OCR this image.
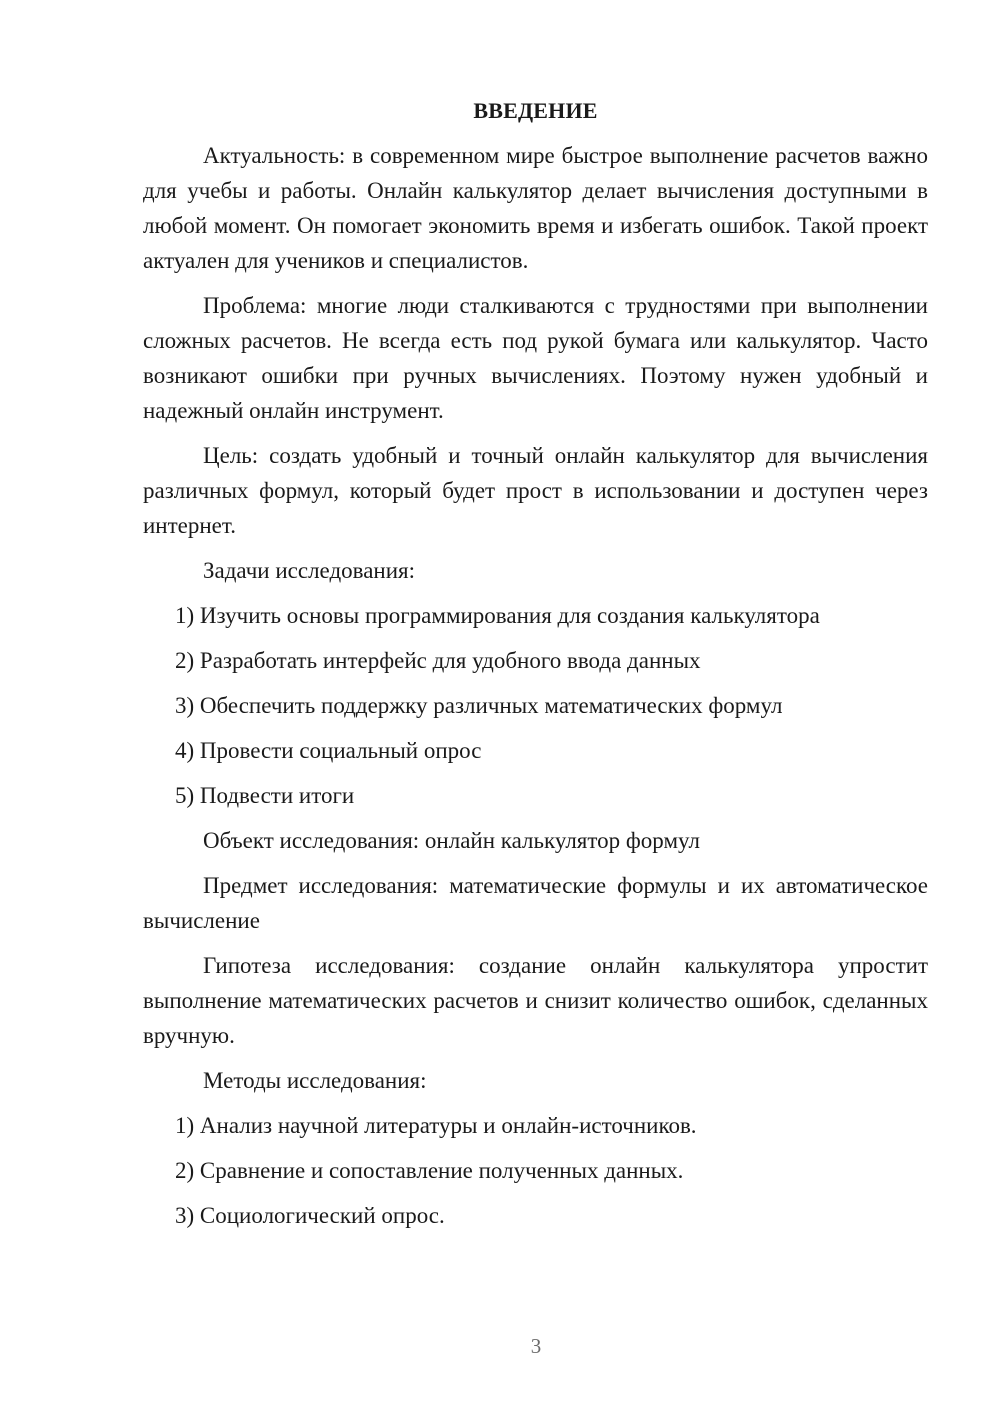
ВВЕДЕНИЕ

Актуальность: в современном мире быстрое выполнение расчетов важно для учебы и работы. Онлайн калькулятор делает вычисления доступными в любой момент. Он помогает экономить время и избегать ошибок. Такой проект актуален для учеников и специалистов.

Проблема: многие люди сталкиваются с трудностями при выполнении сложных расчетов. Не всегда есть под рукой бумага или калькулятор. Часто возникают ошибки при ручных вычислениях. Поэтому нужен удобный и надежный онлайн инструмент.

Цель: создать удобный и точный онлайн калькулятор для вычисления различных формул, который будет прост в использовании и доступен через интернет.

Задачи исследования:
1) Изучить основы программирования для создания калькулятора
2) Разработать интерфейс для удобного ввода данных
3) Обеспечить поддержку различных математических формул
4) Провести социальный опрос
5) Подвести итоги
Объект исследования: онлайн калькулятор формул

Предмет исследования: математические формулы и их автоматическое вычисление

Гипотеза исследования: создание онлайн калькулятора упростит выполнение математических расчетов и снизит количество ошибок, сделанных вручную.

Методы исследования:
1) Анализ научной литературы и онлайн-источников.
2) Сравнение и сопоставление полученных данных.
3) Социологический опрос.
3
